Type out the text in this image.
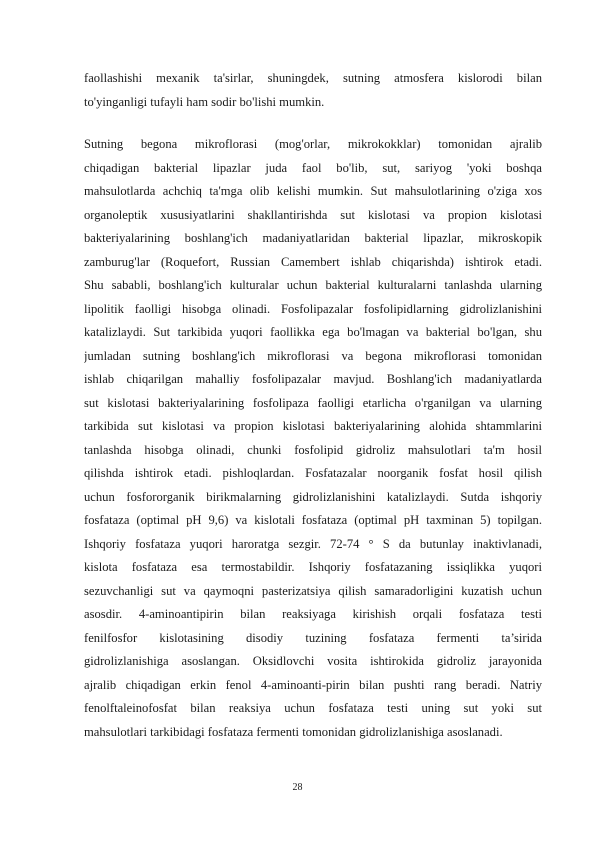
faollashishi mexanik ta'sirlar, shuningdek, sutning atmosfera kislorodi bilan
to'yinganligi tufayli ham sodir bo'lishi mumkin.
Sutning begona mikroflorasi (mog'orlar, mikrokokklar) tomonidan ajralib
chiqadigan bakterial lipazlar juda faol bo'lib, sut, sariyog 'yoki boshqa
mahsulotlarda achchiq ta'mga olib kelishi mumkin. Sut mahsulotlarining o'ziga xos
organoleptik xususiyatlarini shakllantirishda sut kislotasi va propion kislotasi
bakteriyalarining boshlang'ich madaniyatlaridan bakterial lipazlar, mikroskopik
zamburug'lar (Roquefort, Russian Camembert ishlab chiqarishda) ishtirok etadi.
Shu sababli, boshlang'ich kulturalar uchun bakterial kulturalarni tanlashda ularning
lipolitik faolligi hisobga olinadi. Fosfolipazalar fosfolipidlarning gidrolizlanishini
katalizlaydi. Sut tarkibida yuqori faollikka ega bo'lmagan va bakterial bo'lgan, shu
jumladan sutning boshlang'ich mikroflorasi va begona mikroflorasi tomonidan
ishlab chiqarilgan mahalliy fosfolipazalar mavjud. Boshlang'ich madaniyatlarda
sut kislotasi bakteriyalarining fosfolipaza faolligi etarlicha o'rganilgan va ularning
tarkibida sut kislotasi va propion kislotasi bakteriyalarining alohida shtammlarini
tanlashda hisobga olinadi, chunki fosfolipid gidroliz mahsulotlari ta'm hosil
qilishda ishtirok etadi. pishloqlardan. Fosfatazalar noorganik fosfat hosil qilish
uchun fosfororganik birikmalarning gidrolizlanishini katalizlaydi. Sutda ishqoriy
fosfataza (optimal pH 9,6) va kislotali fosfataza (optimal pH taxminan 5) topilgan.
Ishqoriy fosfataza yuqori haroratga sezgir. 72-74 ° S da butunlay inaktivlanadi,
kislota fosfataza esa termostabildir. Ishqoriy fosfatazaning issiqlikka yuqori
sezuvchanligi sut va qaymoqni pasterizatsiya qilish samaradorligini kuzatish uchun
asosdir. 4-aminoantipirin bilan reaksiyaga kirishish orqali fosfataza testi
fenilfosfor kislotasining disodiy tuzining fosfataza fermenti ta’sirida
gidrolizlanishiga asoslangan. Oksidlovchi vosita ishtirokida gidroliz jarayonida
ajralib chiqadigan erkin fenol 4-aminoanti-pirin bilan pushti rang beradi. Natriy
fenolftaleinofosfat bilan reaksiya uchun fosfataza testi uning sut yoki sut
mahsulotlari tarkibidagi fosfataza fermenti tomonidan gidrolizlanishiga asoslanadi.
28
